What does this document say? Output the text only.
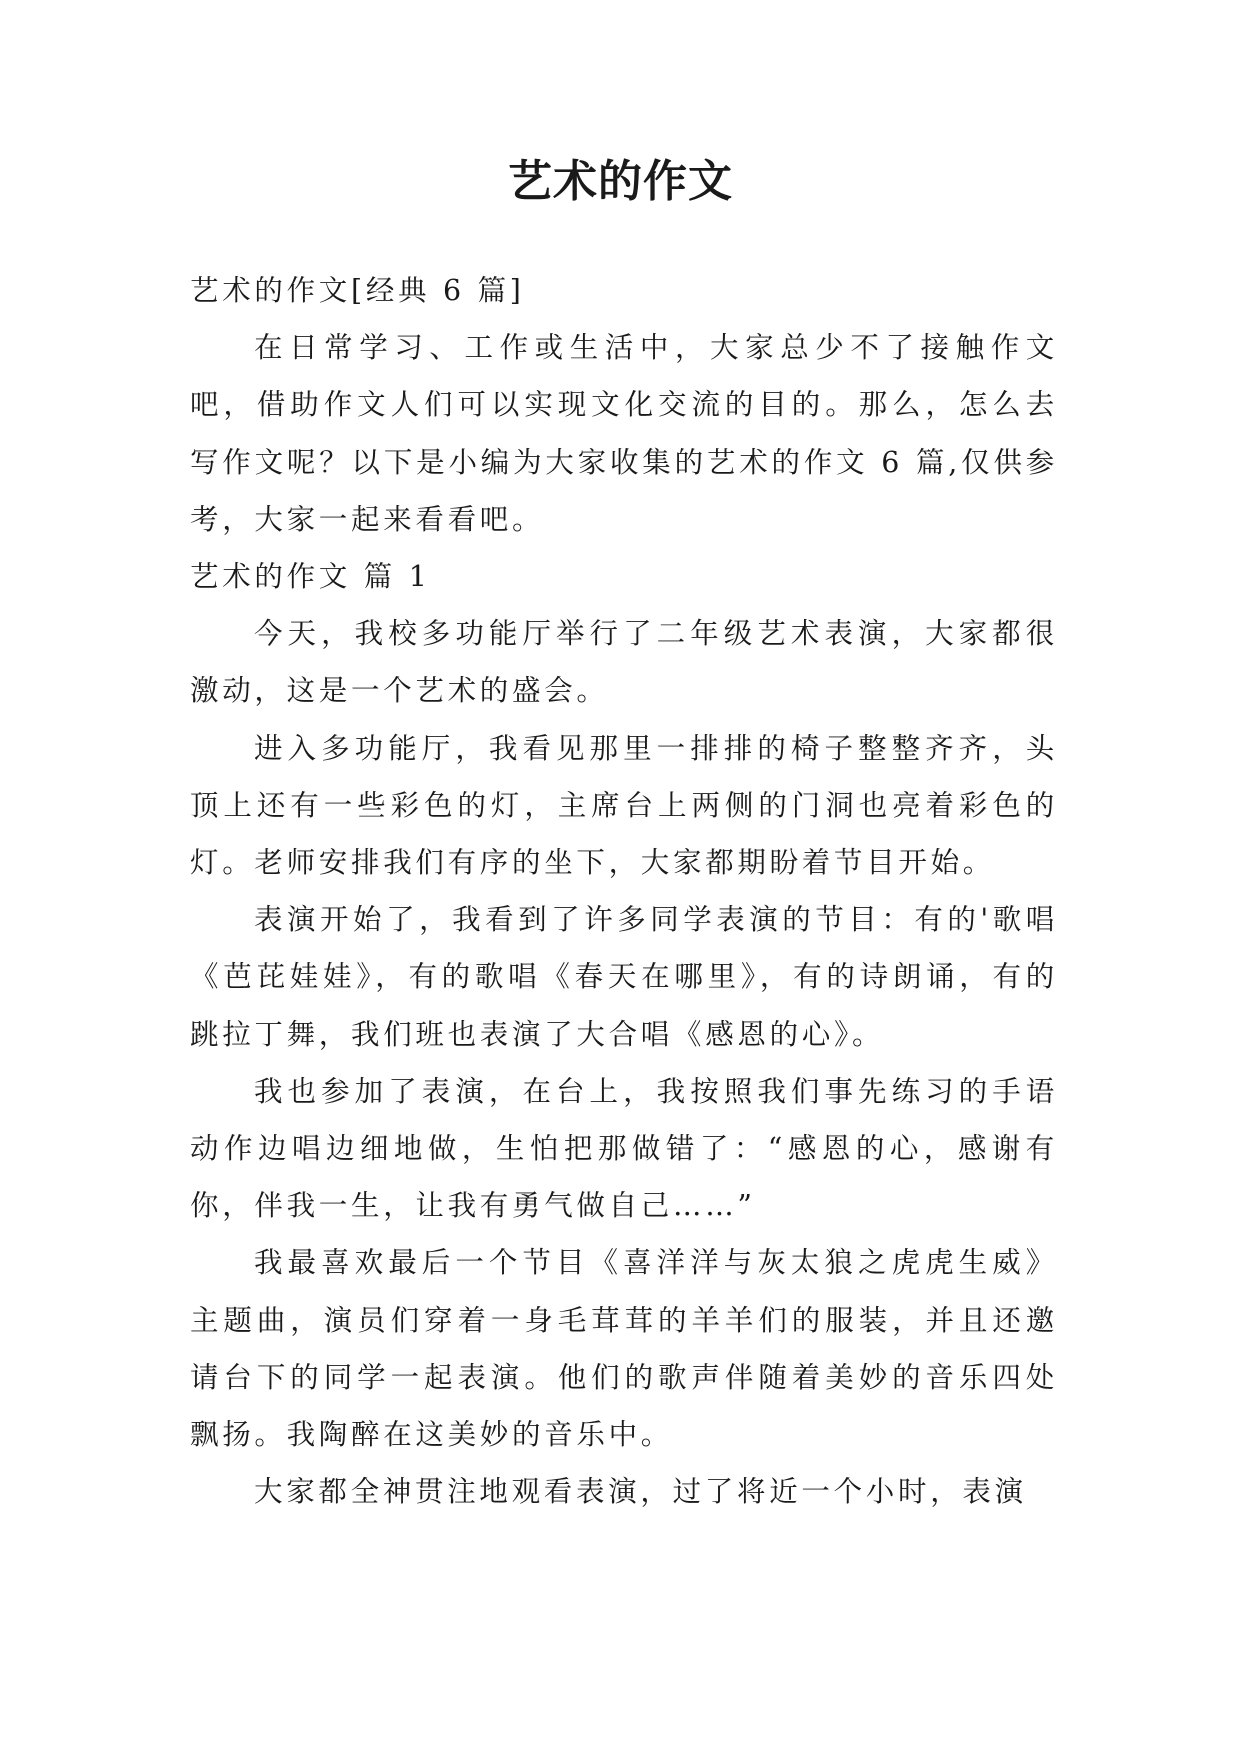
艺术的作文

艺术的作文[经典 6 篇]

在日常学习、工作或生活中，大家总少不了接触作文吧，借助作文人们可以实现文化交流的目的。那么，怎么去写作文呢？以下是小编为大家收集的艺术的作文 6 篇,仅供参考，大家一起来看看吧。

艺术的作文 篇 1

今天，我校多功能厅举行了二年级艺术表演，大家都很激动，这是一个艺术的盛会。

进入多功能厅，我看见那里一排排的椅子整整齐齐，头顶上还有一些彩色的灯，主席台上两侧的门洞也亮着彩色的灯。老师安排我们有序的坐下，大家都期盼着节目开始。

表演开始了，我看到了许多同学表演的节目：有的'歌唱《芭芘娃娃》，有的歌唱《春天在哪里》，有的诗朗诵，有的跳拉丁舞，我们班也表演了大合唱《感恩的心》。

我也参加了表演，在台上，我按照我们事先练习的手语动作边唱边细地做，生怕把那做错了：“感恩的心，感谢有你，伴我一生，让我有勇气做自己……”

我最喜欢最后一个节目《喜洋洋与灰太狼之虎虎生威》主题曲，演员们穿着一身毛茸茸的羊羊们的服装，并且还邀请台下的同学一起表演。他们的歌声伴随着美妙的音乐四处飘扬。我陶醉在这美妙的音乐中。

大家都全神贯注地观看表演，过了将近一个小时，表演
